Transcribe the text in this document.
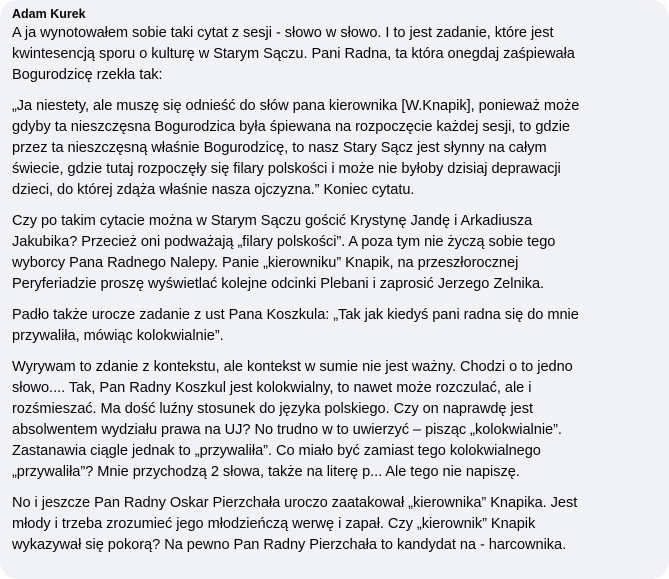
Adam Kurek

A ja wynotowałem sobie taki cytat z sesji - słowo w słowo. I to jest zadanie, które jest
kwintesencją sporu o kulturę w Starym Sączu. Pani Radna, ta która onegdaj zaśpiewała
Bogurodzicę rzekła tak:

„Ja niestety, ale muszę się odnieść do słów pana kierownika [W.Knapik], ponieważ może
gdyby ta nieszczęsna Bogurodzica była śpiewana na rozpoczęcie każdej sesji, to gdzie
przez ta nieszczęsną właśnie Bogurodzicę, to nasz Stary Sącz jest słynny na całym
świecie, gdzie tutaj rozpoczęły się filary polskości i może nie byłoby dzisiaj deprawacji
dzieci, do której zdąża właśnie nasza ojczyzna.” Koniec cytatu.

Czy po takim cytacie można w Starym Sączu gościć Krystynę Jandę i Arkadiusza
Jakubika? Przecież oni podważają „filary polskości”. A poza tym nie życzą sobie tego
wyborcy Pana Radnego Nalepy. Panie „kierowniku” Knapik, na przeszłorocznej
Peryferiadzie proszę wyświetlać kolejne odcinki Plebani i zaprosić Jerzego Zelnika.

Padło także urocze zadanie z ust Pana Koszkula: „Tak jak kiedyś pani radna się do mnie
przywaliła, mówiąc kolokwialnie”.

Wyrywam to zdanie z kontekstu, ale kontekst w sumie nie jest ważny. Chodzi o to jedno
słowo.... Tak, Pan Radny Koszkul jest kolokwialny, to nawet może rozczulać, ale i
rozśmieszać. Ma dość luźny stosunek do języka polskiego. Czy on naprawdę jest
absolwentem wydziału prawa na UJ? No trudno w to uwierzyć – pisząc „kolokwialnie”.
Zastanawia ciągle jednak to „przywaliła”. Co miało być zamiast tego kolokwialnego
„przywaliła”? Mnie przychodzą 2 słowa, także na literę p... Ale tego nie napiszę.

No i jeszcze Pan Radny Oskar Pierzchała uroczo zaatakował „kierownika” Knapika. Jest
młody i trzeba zrozumieć jego młodzieńczą werwę i zapał. Czy „kierownik” Knapik
wykazywał się pokorą? Na pewno Pan Radny Pierzchała to kandydat na - harcownika.
